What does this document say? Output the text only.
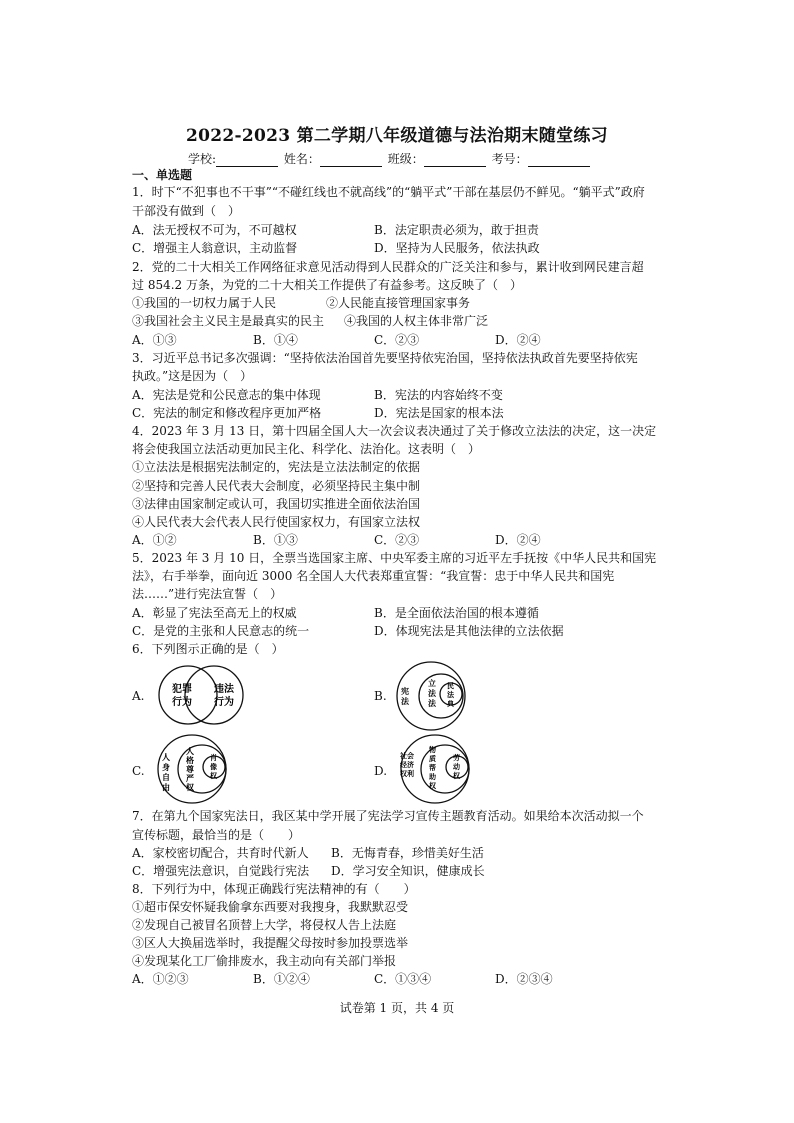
2022-2023 第二学期八年级道德与法治期末随堂练习
学校:	姓名：	班级：	考号：
一、单选题
1．时下“不犯事也不干事”“不碰红线也不就高线”的“躺平式”干部在基层仍不鲜见。“躺平式”政府
干部没有做到（　）
A．法无授权不可为，不可越权	B．法定职责必须为，敢于担责
C．增强主人翁意识，主动监督	D．坚持为人民服务，依法执政
2．党的二十大相关工作网络征求意见活动得到人民群众的广泛关注和参与，累计收到网民建言超
过 854.2 万条，为党的二十大相关工作提供了有益参考。这反映了（　）
①我国的一切权力属于人民	②人民能直接管理国家事务
③我国社会主义民主是最真实的民主 ④我国的人权主体非常广泛
A．①③	B．①④	C．②③	D．②④
3．习近平总书记多次强调：“坚持依法治国首先要坚持依宪治国，坚持依法执政首先要坚持依宪
执政。”这是因为（　）
A．宪法是党和公民意志的集中体现	B．宪法的内容始终不变
C．宪法的制定和修改程序更加严格	D．宪法是国家的根本法
4．2023 年 3 月 13 日，第十四届全国人大一次会议表决通过了关于修改立法法的决定，这一决定
将会使我国立法活动更加民主化、科学化、法治化。这表明（　）
①立法法是根据宪法制定的，宪法是立法法制定的依据
②坚持和完善人民代表大会制度，必须坚持民主集中制
③法律由国家制定或认可，我国切实推进全面依法治国
④人民代表大会代表人民行使国家权力，有国家立法权
A．①②	B．①③	C．②③	D．②④
5．2023 年 3 月 10 日，全票当选国家主席、中央军委主席的习近平左手抚按《中华人民共和国宪
法》，右手举拳，面向近 3000 名全国人大代表郑重宣誓：“我宣誓：忠于中华人民共和国宪
法……”进行宪法宣誓（　）
A．彰显了宪法至高无上的权威	B．是全面依法治国的根本遵循
C．是党的主张和人民意志的统一	D．体现宪法是其他法律的立法依据
6．下列图示正确的是（　）
A.	犯罪行为
违法行为	B. 宪法
立法法
民法典
C.
人身自由
人格尊严权
肖像权	D.
社会经济权利
物质帮助权
劳动权
7．在第九个国家宪法日，我区某中学开展了宪法学习宣传主题教育活动。如果给本次活动拟一个
宣传标题，最恰当的是（　　）
A．家校密切配合，共育时代新人 B．无悔青春，珍惜美好生活
C．增强宪法意识，自觉践行宪法 D．学习安全知识，健康成长
8．下列行为中，体现正确践行宪法精神的有（　　）
①超市保安怀疑我偷拿东西要对我搜身，我默默忍受
②发现自己被冒名顶替上大学，将侵权人告上法庭
③区人大换届选举时，我提醒父母按时参加投票选举
④发现某化工厂偷排废水，我主动向有关部门举报
A．①②③	B．①②④	C．①③④	D．②③④
试卷第 1 页，共 4 页
